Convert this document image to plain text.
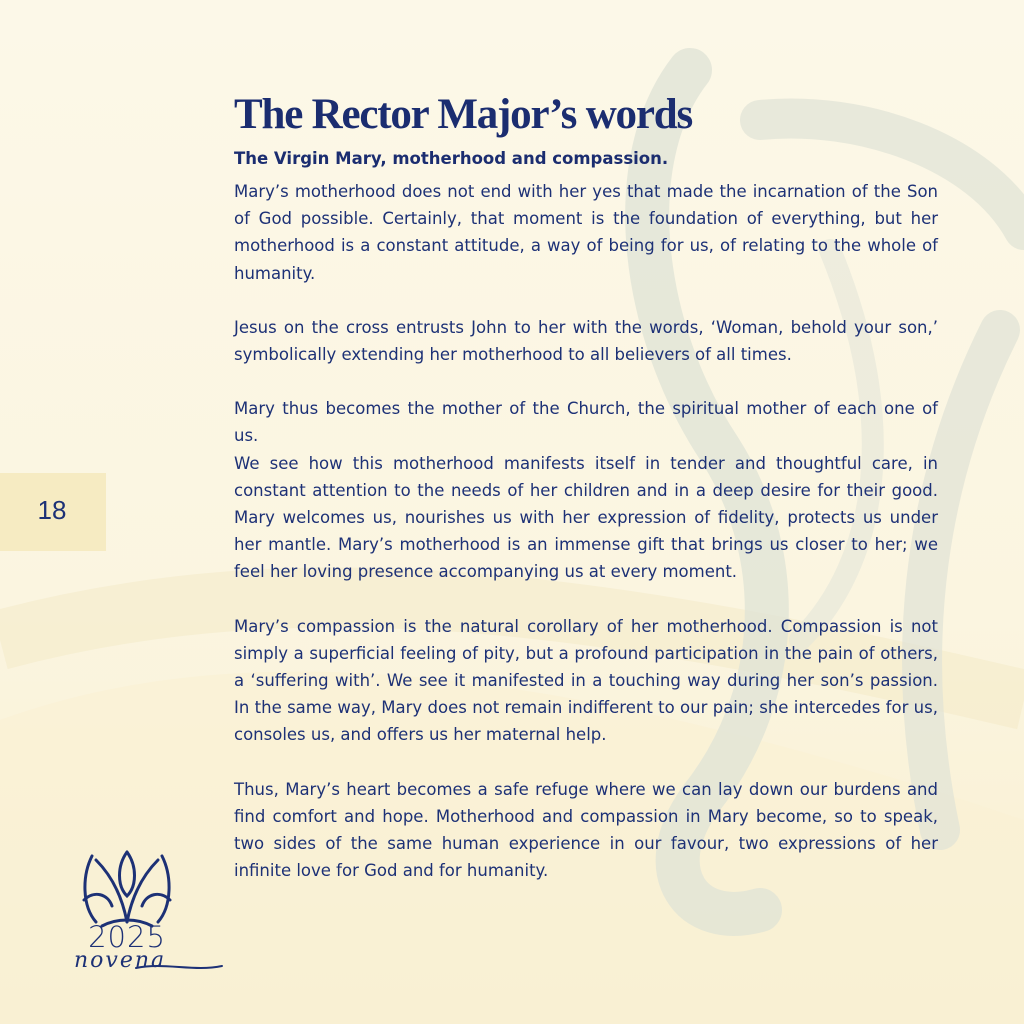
18
The Rector Major’s words

The Virgin Mary, motherhood and compassion.

Mary’s motherhood does not end with her yes that made the incarnation of the Son of God possible. Certainly, that moment is the foundation of everything, but her motherhood is a constant attitude, a way of being for us, of relating to the whole of humanity.

Jesus on the cross entrusts John to her with the words, ‘Woman, behold your son,’ symbolically extending her motherhood to all believers of all times.

Mary thus becomes the mother of the Church, the spiritual mother of each one of us.

We see how this motherhood manifests itself in tender and thoughtful care, in constant attention to the needs of her children and in a deep desire for their good. Mary welcomes us, nourishes us with her expression of fidelity, protects us under her mantle. Mary’s motherhood is an immense gift that brings us closer to her; we feel her loving presence accompanying us at every moment.

Mary’s compassion is the natural corollary of her motherhood. Compassion is not simply a superficial feeling of pity, but a profound participation in the pain of others, a ‘suffering with’. We see it manifested in a touching way during her son’s passion. In the same way, Mary does not remain indifferent to our pain; she intercedes for us, consoles us, and offers us her maternal help.

Thus, Mary’s heart becomes a safe refuge where we can lay down our burdens and find comfort and hope. Motherhood and compassion in Mary become, so to speak, two sides of the same human experience in our favour, two expressions of her infinite love for God and for humanity.

2025
novena
